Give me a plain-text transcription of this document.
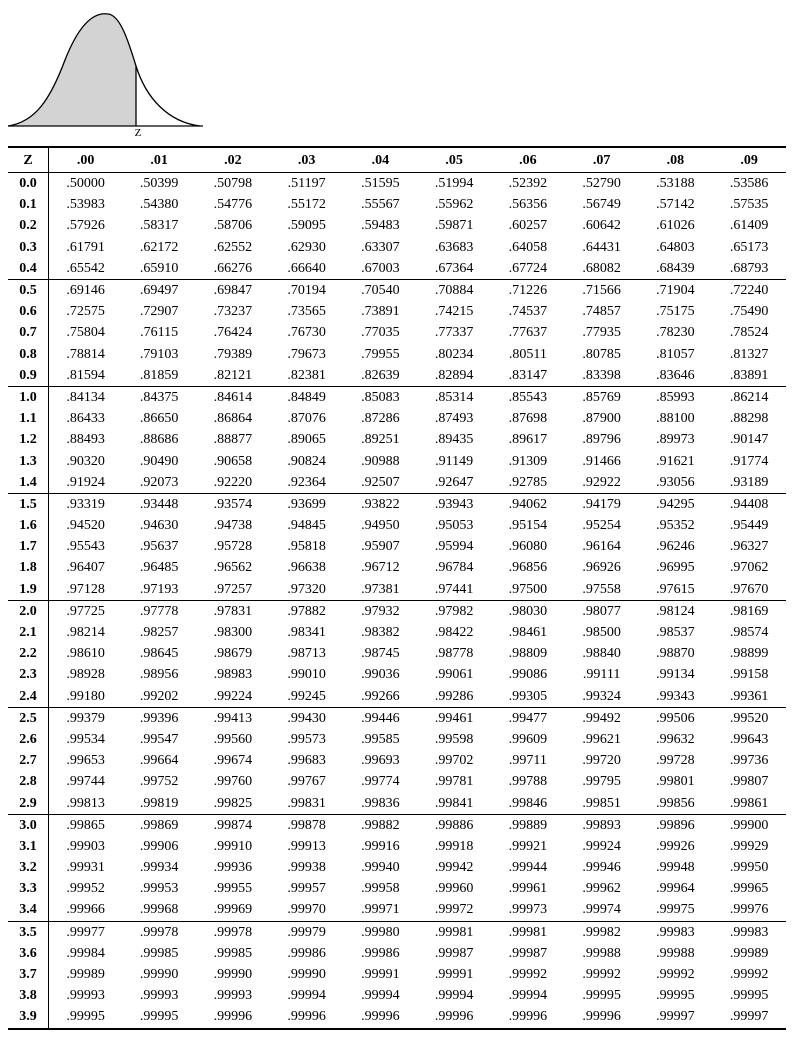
Z
Z	.00	.01	.02	.03	.04	.05	.06	.07	.08	.09
0.0	.50000	.50399	.50798	.51197	.51595	.51994	.52392	.52790	.53188	.53586
0.1	.53983	.54380	.54776	.55172	.55567	.55962	.56356	.56749	.57142	.57535
0.2	.57926	.58317	.58706	.59095	.59483	.59871	.60257	.60642	.61026	.61409
0.3	.61791	.62172	.62552	.62930	.63307	.63683	.64058	.64431	.64803	.65173
0.4	.65542	.65910	.66276	.66640	.67003	.67364	.67724	.68082	.68439	.68793
0.5	.69146	.69497	.69847	.70194	.70540	.70884	.71226	.71566	.71904	.72240
0.6	.72575	.72907	.73237	.73565	.73891	.74215	.74537	.74857	.75175	.75490
0.7	.75804	.76115	.76424	.76730	.77035	.77337	.77637	.77935	.78230	.78524
0.8	.78814	.79103	.79389	.79673	.79955	.80234	.80511	.80785	.81057	.81327
0.9	.81594	.81859	.82121	.82381	.82639	.82894	.83147	.83398	.83646	.83891
1.0	.84134	.84375	.84614	.84849	.85083	.85314	.85543	.85769	.85993	.86214
1.1	.86433	.86650	.86864	.87076	.87286	.87493	.87698	.87900	.88100	.88298
1.2	.88493	.88686	.88877	.89065	.89251	.89435	.89617	.89796	.89973	.90147
1.3	.90320	.90490	.90658	.90824	.90988	.91149	.91309	.91466	.91621	.91774
1.4	.91924	.92073	.92220	.92364	.92507	.92647	.92785	.92922	.93056	.93189
1.5	.93319	.93448	.93574	.93699	.93822	.93943	.94062	.94179	.94295	.94408
1.6	.94520	.94630	.94738	.94845	.94950	.95053	.95154	.95254	.95352	.95449
1.7	.95543	.95637	.95728	.95818	.95907	.95994	.96080	.96164	.96246	.96327
1.8	.96407	.96485	.96562	.96638	.96712	.96784	.96856	.96926	.96995	.97062
1.9	.97128	.97193	.97257	.97320	.97381	.97441	.97500	.97558	.97615	.97670
2.0	.97725	.97778	.97831	.97882	.97932	.97982	.98030	.98077	.98124	.98169
2.1	.98214	.98257	.98300	.98341	.98382	.98422	.98461	.98500	.98537	.98574
2.2	.98610	.98645	.98679	.98713	.98745	.98778	.98809	.98840	.98870	.98899
2.3	.98928	.98956	.98983	.99010	.99036	.99061	.99086	.99111	.99134	.99158
2.4	.99180	.99202	.99224	.99245	.99266	.99286	.99305	.99324	.99343	.99361
2.5	.99379	.99396	.99413	.99430	.99446	.99461	.99477	.99492	.99506	.99520
2.6	.99534	.99547	.99560	.99573	.99585	.99598	.99609	.99621	.99632	.99643
2.7	.99653	.99664	.99674	.99683	.99693	.99702	.99711	.99720	.99728	.99736
2.8	.99744	.99752	.99760	.99767	.99774	.99781	.99788	.99795	.99801	.99807
2.9	.99813	.99819	.99825	.99831	.99836	.99841	.99846	.99851	.99856	.99861
3.0	.99865	.99869	.99874	.99878	.99882	.99886	.99889	.99893	.99896	.99900
3.1	.99903	.99906	.99910	.99913	.99916	.99918	.99921	.99924	.99926	.99929
3.2	.99931	.99934	.99936	.99938	.99940	.99942	.99944	.99946	.99948	.99950
3.3	.99952	.99953	.99955	.99957	.99958	.99960	.99961	.99962	.99964	.99965
3.4	.99966	.99968	.99969	.99970	.99971	.99972	.99973	.99974	.99975	.99976
3.5	.99977	.99978	.99978	.99979	.99980	.99981	.99981	.99982	.99983	.99983
3.6	.99984	.99985	.99985	.99986	.99986	.99987	.99987	.99988	.99988	.99989
3.7	.99989	.99990	.99990	.99990	.99991	.99991	.99992	.99992	.99992	.99992
3.8	.99993	.99993	.99993	.99994	.99994	.99994	.99994	.99995	.99995	.99995
3.9	.99995	.99995	.99996	.99996	.99996	.99996	.99996	.99996	.99997	.99997
